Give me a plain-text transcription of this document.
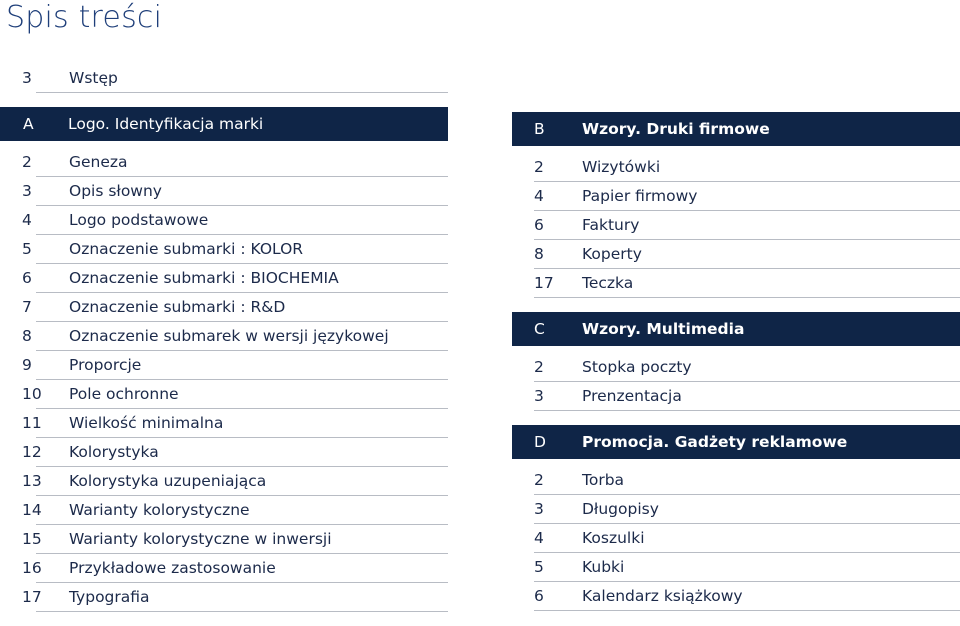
Spis treści
3	Wstęp
A	Logo. Identyfikacja marki
2	Geneza
3	Opis słowny
4	Logo podstawowe
5	Oznaczenie submarki : KOLOR
6	Oznaczenie submarki : BIOCHEMIA
7	Oznaczenie submarki : R&D
8	Oznaczenie submarek w wersji językowej
9	Proporcje
10	Pole ochronne
11	Wielkość minimalna
12	Kolorystyka
13	Kolorystyka uzupeniająca
14	Warianty kolorystyczne
15	Warianty kolorystyczne w inwersji
16	Przykładowe zastosowanie
17	Typografia
B	Wzory. Druki firmowe
2	Wizytówki
4	Papier firmowy
6	Faktury
8	Koperty
17	Teczka
C	Wzory. Multimedia
2	Stopka poczty
3	Prenzentacja
D	Promocja. Gadżety reklamowe
2	Torba
3	Długopisy
4	Koszulki
5	Kubki
6	Kalendarz książkowy
